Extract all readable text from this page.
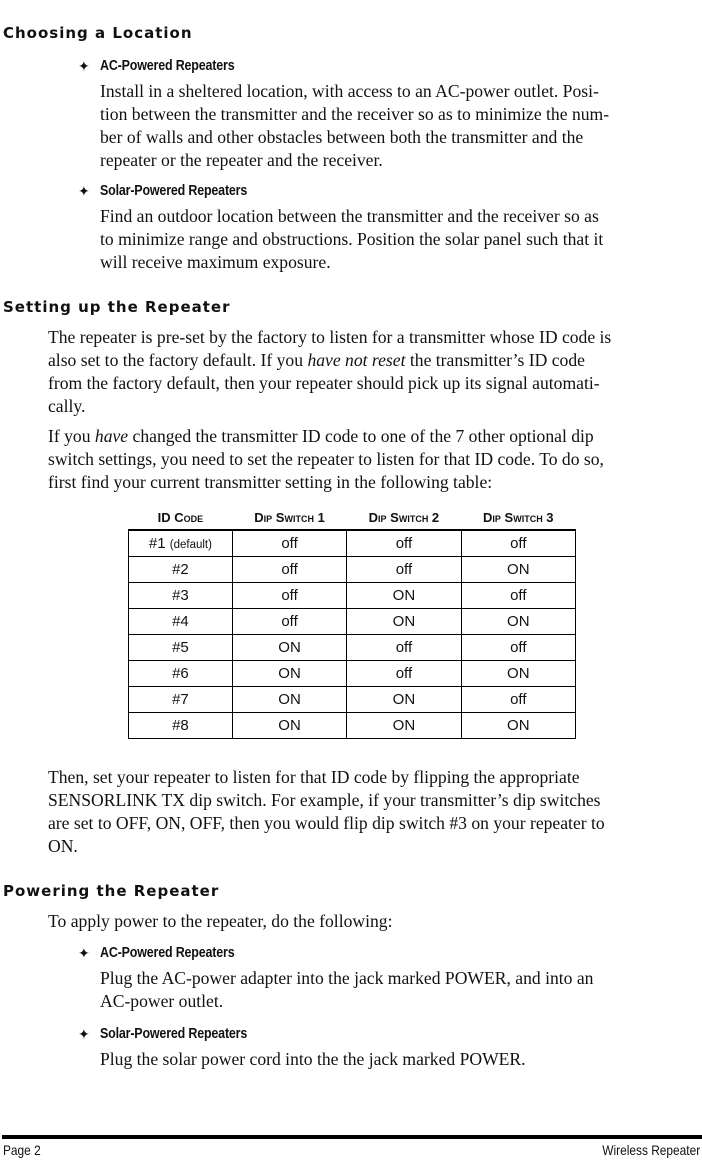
Choosing a Location
✦ AC-Powered Repeaters
Install in a sheltered location, with access to an AC-power outlet. Posi-
tion between the transmitter and the receiver so as to minimize the num-
ber of walls and other obstacles between both the transmitter and the
repeater or the repeater and the receiver.
✦ Solar-Powered Repeaters
Find an outdoor location between the transmitter and the receiver so as
to minimize range and obstructions. Position the solar panel such that it
will receive maximum exposure.
Setting up the Repeater
The repeater is pre-set by the factory to listen for a transmitter whose ID code is
also set to the factory default. If you have not reset the transmitter’s ID code
from the factory default, then your repeater should pick up its signal automati-
cally.
If you have changed the transmitter ID code to one of the 7 other optional dip
switch settings, you need to set the repeater to listen for that ID code. To do so,
first find your current transmitter setting in the following table:
ID Code	Dip Switch 1	Dip Switch 2	Dip Switch 3
#1 (default)	off	off	off
#2	off	off	ON
#3	off	ON	off
#4	off	ON	ON
#5	ON	off	off
#6	ON	off	ON
#7	ON	ON	off
#8	ON	ON	ON
Then, set your repeater to listen for that ID code by flipping the appropriate
SENSORLINK TX dip switch. For example, if your transmitter’s dip switches
are set to OFF, ON, OFF, then you would flip dip switch #3 on your repeater to
ON.
Powering the Repeater
To apply power to the repeater, do the following:
✦ AC-Powered Repeaters
Plug the AC-power adapter into the jack marked POWER, and into an
AC-power outlet.
✦ Solar-Powered Repeaters
Plug the solar power cord into the the jack marked POWER.
Page 2	Wireless Repeater
